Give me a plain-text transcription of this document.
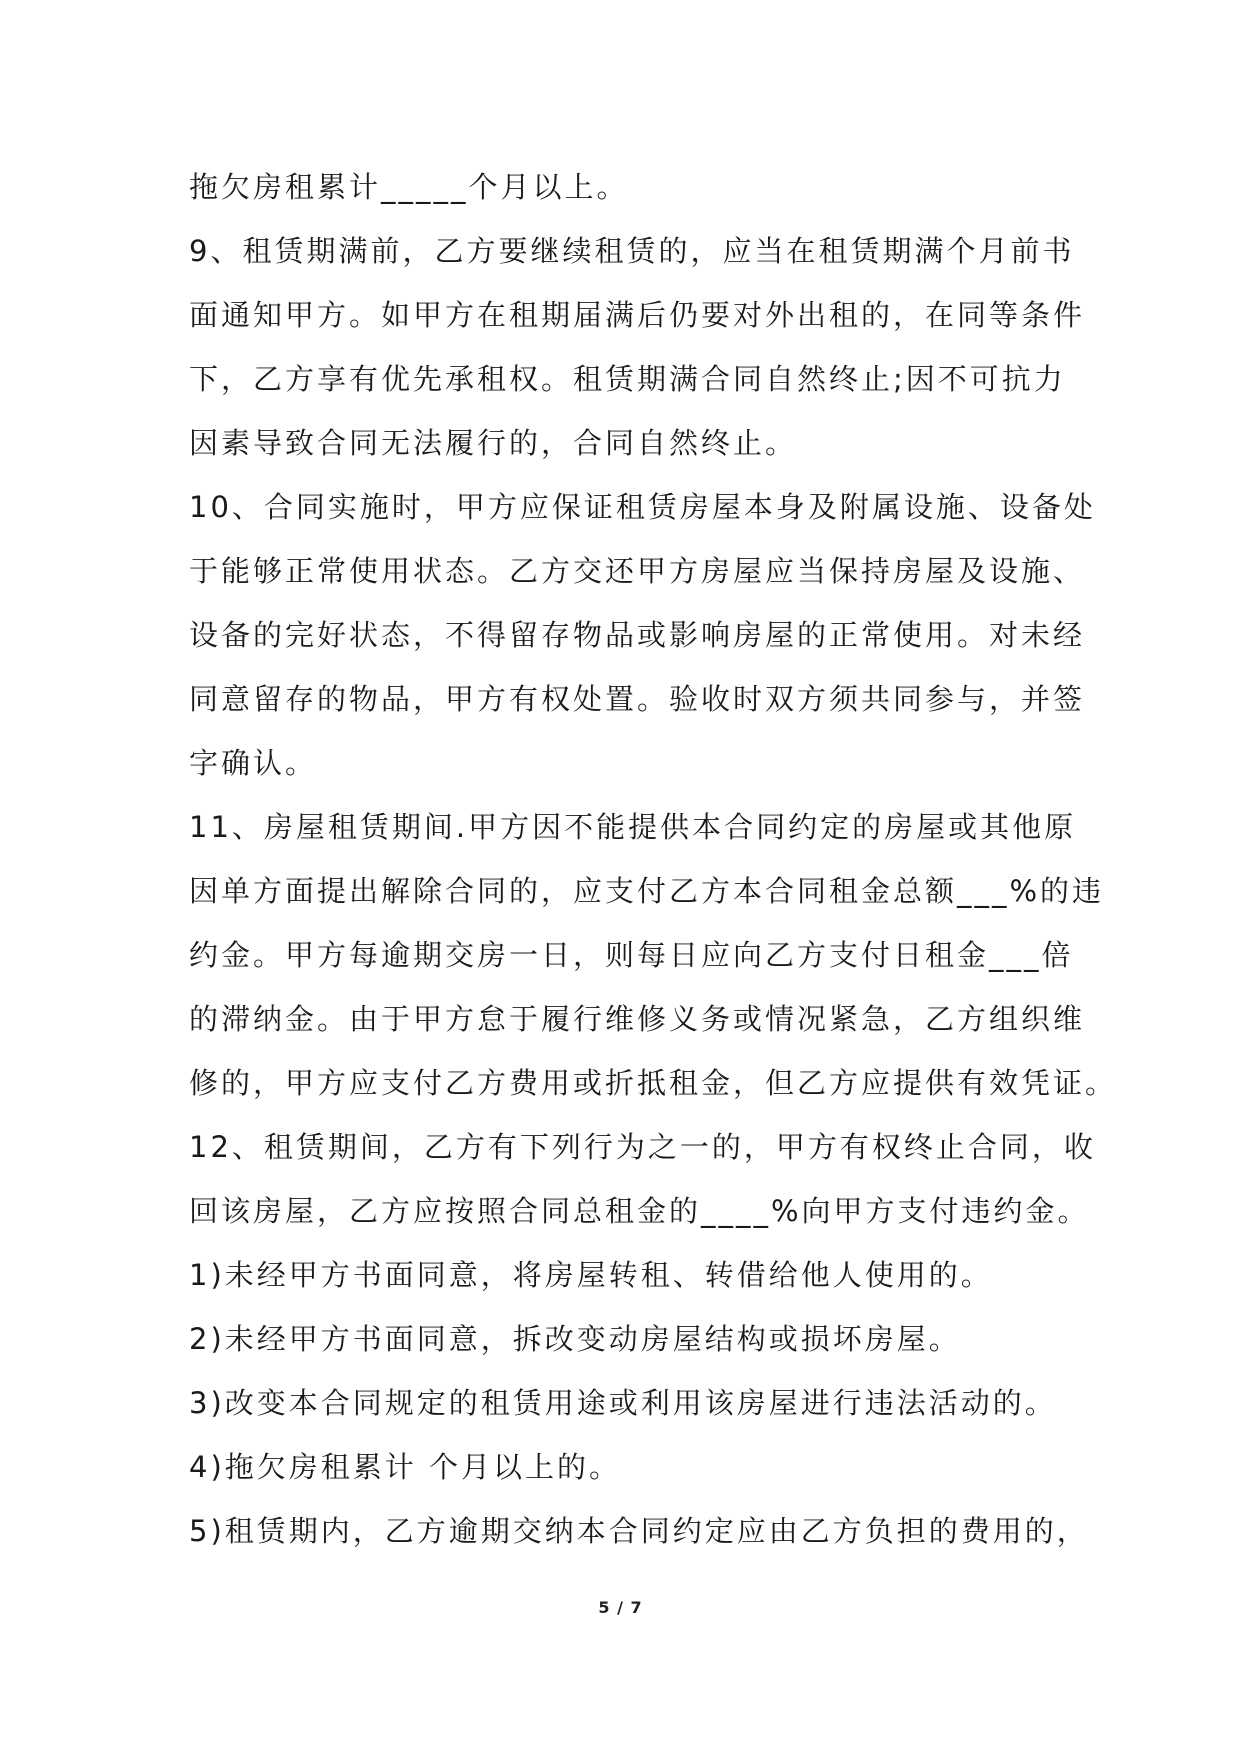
拖欠房租累计_____个月以上。
9、租赁期满前，乙方要继续租赁的，应当在租赁期满个月前书
面通知甲方。如甲方在租期届满后仍要对外出租的，在同等条件
下，乙方享有优先承租权。租赁期满合同自然终止;因不可抗力
因素导致合同无法履行的，合同自然终止。
10、合同实施时，甲方应保证租赁房屋本身及附属设施、设备处
于能够正常使用状态。乙方交还甲方房屋应当保持房屋及设施、
设备的完好状态，不得留存物品或影响房屋的正常使用。对未经
同意留存的物品，甲方有权处置。验收时双方须共同参与，并签
字确认。
11、房屋租赁期间.甲方因不能提供本合同约定的房屋或其他原
因单方面提出解除合同的，应支付乙方本合同租金总额___%的违
约金。甲方每逾期交房一日，则每日应向乙方支付日租金___倍
的滞纳金。由于甲方怠于履行维修义务或情况紧急，乙方组织维
修的，甲方应支付乙方费用或折抵租金，但乙方应提供有效凭证。
12、租赁期间，乙方有下列行为之一的，甲方有权终止合同，收
回该房屋，乙方应按照合同总租金的____%向甲方支付违约金。
1)未经甲方书面同意，将房屋转租、转借给他人使用的。
2)未经甲方书面同意，拆改变动房屋结构或损坏房屋。
3)改变本合同规定的租赁用途或利用该房屋进行违法活动的。
4)拖欠房租累计 个月以上的。
5)租赁期内，乙方逾期交纳本合同约定应由乙方负担的费用的，
5 / 7
